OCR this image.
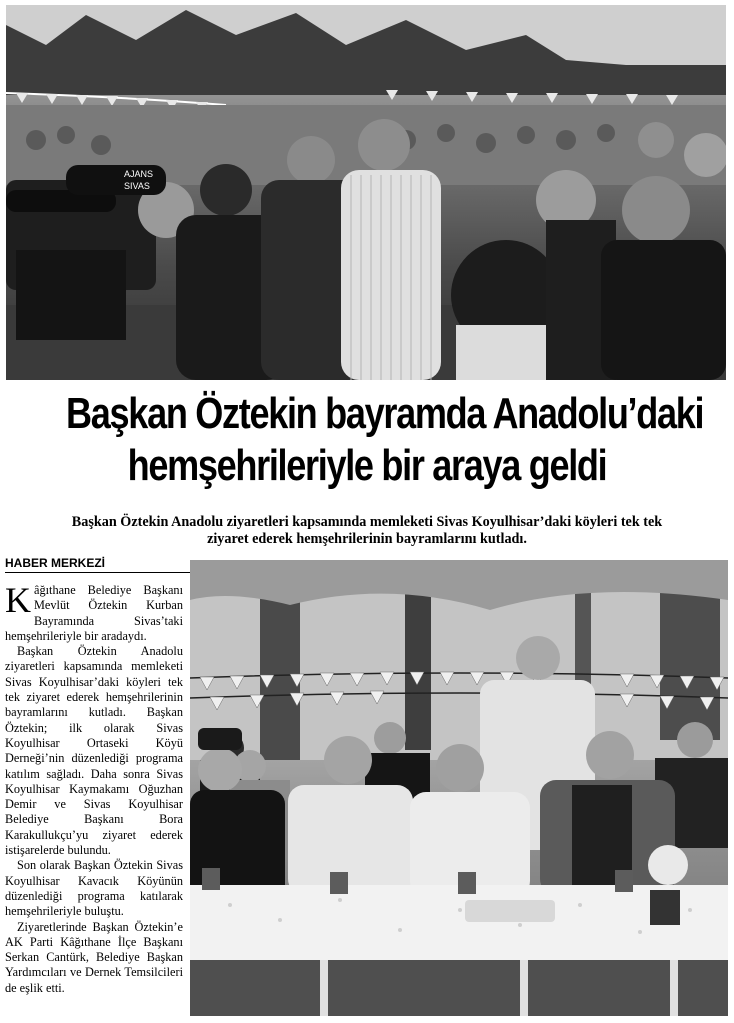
AJANS
SIVAS
Başkan Öztekin bayramda Anadolu’daki
hemşehrileriyle bir araya geldi
Başkan Öztekin Anadolu ziyaretleri kapsamında memleketi Sivas Koyulhisar’daki köyleri tek tek
ziyaret ederek hemşehrilerinin bayramlarını kutladı.
HABER MERKEZİ

Kâğıthane Belediye Başkanı Mevlüt Öztekin Kurban Bayramında Sivas’taki hemşehrileriyle bir aradaydı.

Başkan Öztekin Anadolu ziyaretleri kapsamında memleketi Sivas Koyulhisar’daki köyleri tek tek ziyaret ederek hemşehrilerinin bayramlarını kutladı. Başkan Öztekin; ilk olarak Sivas Koyulhisar Ortaseki Köyü Derneği’nin düzenlediği programa katılım sağladı. Daha sonra Sivas Koyulhisar Kaymakamı Oğuzhan Demir ve Sivas Koyulhisar Belediye Başkanı Bora Karakullukçu’yu ziyaret ederek istişarelerde bulundu.

Son olarak Başkan Öztekin Sivas Koyulhisar Kavacık Köyünün düzenlediği programa katılarak hemşehrileriyle buluştu.

Ziyaretlerinde Başkan Öztekin’e AK Parti Kâğıthane İlçe Başkanı Serkan Cantürk, Belediye Başkan Yardımcıları ve Dernek Temsilcileri de eşlik etti.
